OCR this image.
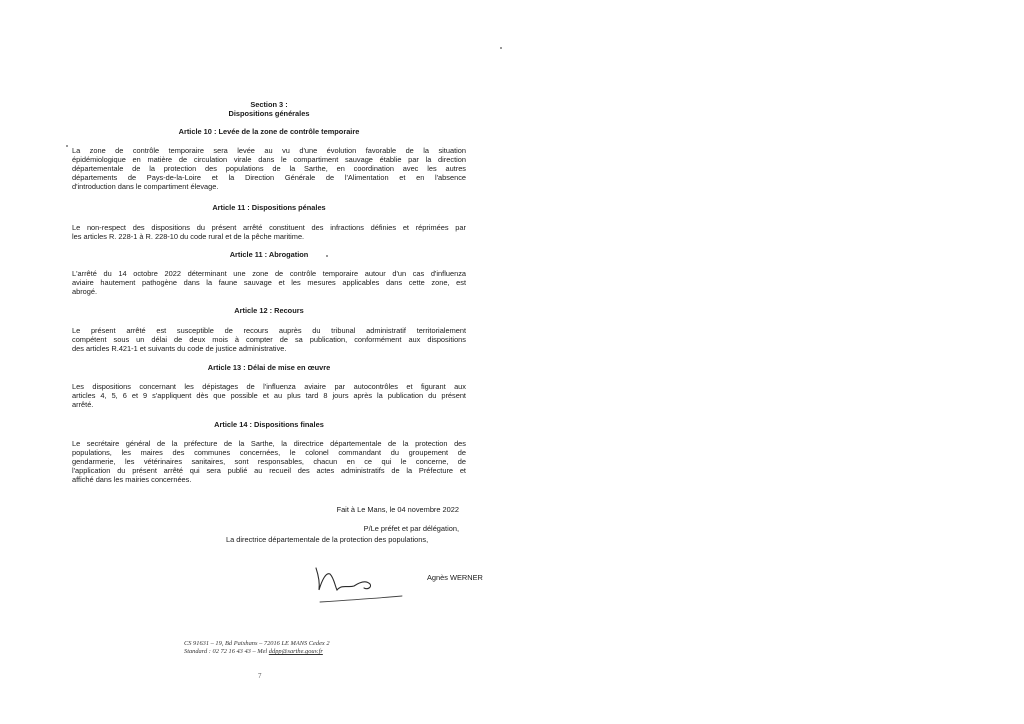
Section 3 :
Dispositions générales
Article 10 : Levée de la zone de contrôle temporaire
La zone de contrôle temporaire sera levée au vu d'une évolution favorable de la situation
épidémiologique en matière de circulation virale dans le compartiment sauvage établie par la direction
départementale de la protection des populations de la Sarthe, en coordination avec les autres
départements de Pays-de-la-Loire et la Direction Générale de l'Alimentation et en l'absence
d'introduction dans le compartiment élevage.
Article 11 : Dispositions pénales
Le non-respect des dispositions du présent arrêté constituent des infractions définies et réprimées par
les articles R. 228-1 à R. 228-10 du code rural et de la pêche maritime.
Article 11 : Abrogation
L'arrêté du 14 octobre 2022 déterminant une zone de contrôle temporaire autour d'un cas d'influenza
aviaire hautement pathogène dans la faune sauvage et les mesures applicables dans cette zone, est
abrogé.
Article 12 : Recours
Le présent arrêté est susceptible de recours auprès du tribunal administratif territorialement
compétent sous un délai de deux mois à compter de sa publication, conformément aux dispositions
des articles R.421-1 et suivants du code de justice administrative.
Article 13 : Délai de mise en œuvre
Les dispositions concernant les dépistages de l'influenza aviaire par autocontrôles et figurant aux
articles 4, 5, 6 et 9 s'appliquent dès que possible et au plus tard 8 jours après la publication du présent
arrêté.
Article 14 : Dispositions finales
Le secrétaire général de la préfecture de la Sarthe, la directrice départementale de la protection des
populations, les maires des communes concernées, le colonel commandant du groupement de
gendarmerie, les vétérinaires sanitaires, sont responsables, chacun en ce qui le concerne, de
l'application du présent arrêté qui sera publié au recueil des actes administratifs de la Préfecture et
affiché dans les mairies concernées.
Fait à Le Mans, le 04 novembre 2022
P/Le préfet et par délégation,
La directrice départementale de la protection des populations,
Agnès WERNER
CS 91631 – 19, Bd Paixhans – 72016 LE MANS Cedex 2
Standard : 02 72 16 43 43 – Mel ddpp@sarthe.gouv.fr
7
